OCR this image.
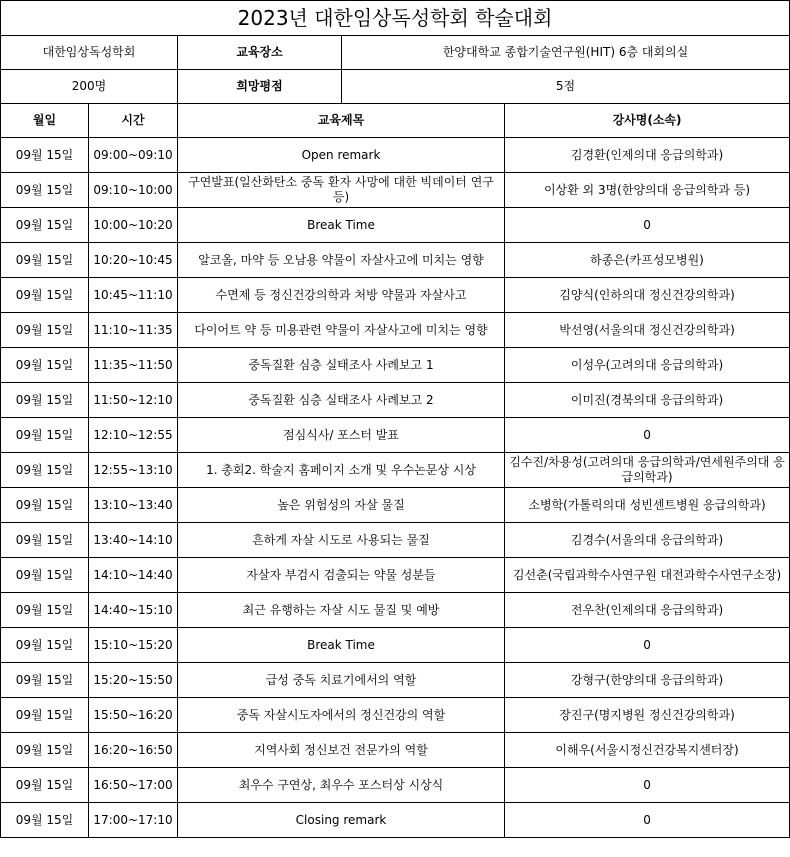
2023년 대한임상독성학회 학술대회				
대한임상독성학회		교육장소	한양대학교 종합기술연구원(HIT) 6층 대회의실	
200명		희망평점	5점	
월일	시간	교육제목		강사명(소속)
09월 15일	09:00~09:10	Open remark		김경환(인제의대 응급의학과)
09월 15일	09:10~10:00	구연발표(일산화탄소 중독 환자 사망에 대한 빅데이터 연구 등)		이상환 외 3명(한양의대 응급의학과 등)
09월 15일	10:00~10:20	Break Time		0
09월 15일	10:20~10:45	알코올, 마약 등 오남용 약물이 자살사고에 미치는 영향		하종은(카프성모병원)
09월 15일	10:45~11:10	수면제 등 정신건강의학과 처방 약물과 자살사고		김양식(인하의대 정신건강의학과)
09월 15일	11:10~11:35	다이어트 약 등 미용관련 약물이 자살사고에 미치는 영향		박선영(서울의대 정신건강의학과)
09월 15일	11:35~11:50	중독질환 심층 실태조사 사례보고 1		이성우(고려의대 응급의학과)
09월 15일	11:50~12:10	중독질환 심층 실태조사 사례보고 2		이미진(경북의대 응급의학과)
09월 15일	12:10~12:55	점심식사/ 포스터 발표		0
09월 15일	12:55~13:10	1. 총회2. 학술지 홈페이지 소개 및 우수논문상 시상		김수진/차용성(고려의대 응급의학과/연세원주의대 응급의학과)
09월 15일	13:10~13:40	높은 위험성의 자살 물질		소병학(가톨릭의대 성빈센트병원 응급의학과)
09월 15일	13:40~14:10	흔하게 자살 시도로 사용되는 물질		김경수(서울의대 응급의학과)
09월 15일	14:10~14:40	자살자 부검시 검출되는 약물 성분들		김선춘(국립과학수사연구원 대전과학수사연구소장)
09월 15일	14:40~15:10	최근 유행하는 자살 시도 물질 및 예방		전우찬(인제의대 응급의학과)
09월 15일	15:10~15:20	Break Time		0
09월 15일	15:20~15:50	급성 중독 치료기에서의 역할		강형구(한양의대 응급의학과)
09월 15일	15:50~16:20	중독 자살시도자에서의 정신건강의 역할		장진구(명지병원 정신건강의학과)
09월 15일	16:20~16:50	지역사회 정신보건 전문가의 역할		이해우(서울시정신건강복지센터장)
09월 15일	16:50~17:00	최우수 구연상, 최우수 포스터상 시상식		0
09월 15일	17:00~17:10	Closing remark		0
